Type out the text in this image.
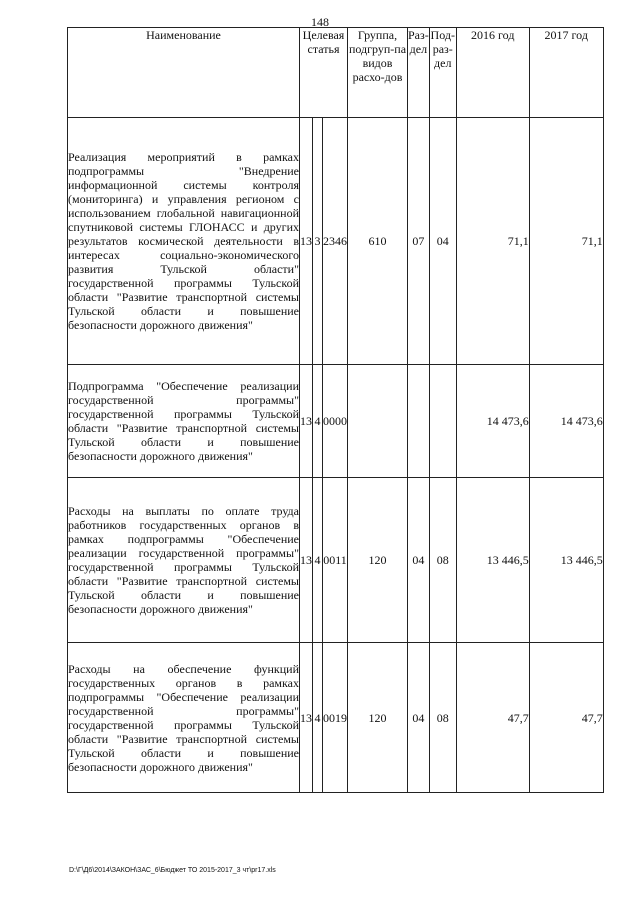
148
Наименование	Целевая статья			Группа, подгруп-па видов расхо-дов	Раз-дел	Под-раз-дел	2016 год	2017 год
Реализация мероприятий в рамках подпрограммы "Внедрение информационной системы контроля (мониторинга) и управления регионом с использованием глобальной навигационной спутниковой системы ГЛОНАСС и других результатов космической деятельности в интересах социально-экономического развития Тульской области" государственной программы Тульской области "Развитие транспортной системы Тульской области и повышение безопасности дорожного движения"	13	3	2346	610	07	04	71,1	71,1
Подпрограмма "Обеспечение реализации государственной программы" государственной программы Тульской области "Развитие транспортной системы Тульской области и повышение безопасности дорожного движения"	13	4	0000				14 473,6	14 473,6
Расходы на выплаты по оплате труда работников государственных органов в рамках подпрограммы "Обеспечение реализации государственной программы" государственной программы Тульской области "Развитие транспортной системы Тульской области и повышение безопасности дорожного движения"	13	4	0011	120	04	08	13 446,5	13 446,5
Расходы на обеспечение функций государственных органов в рамках подпрограммы "Обеспечение реализации государственной программы" государственной программы Тульской области "Развитие транспортной системы Тульской области и повышение безопасности дорожного движения"	13	4	0019	120	04	08	47,7	47,7
D:\Г\Д6\2014\ЗАКОН\ЗАС_6\Бюджет ТО 2015-2017_3 чт\pr17.xls
